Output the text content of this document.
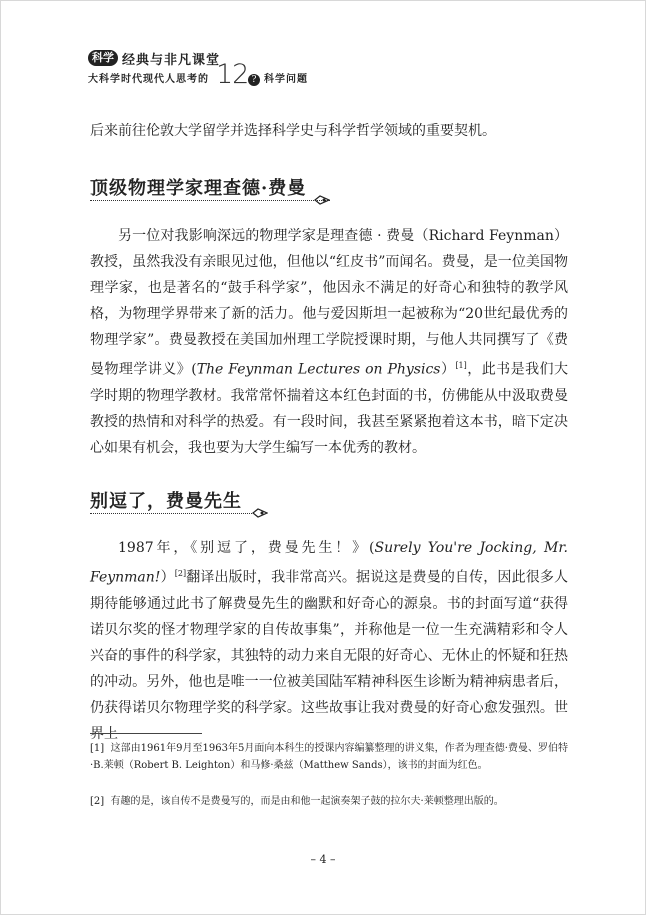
科学 经典与非凡课堂
大科学时代现代人思考的 12 ? 科学问题
后来前往伦敦大学留学并选择科学史与科学哲学领域的重要契机。
顶级物理学家理查德·费曼
另一位对我影响深远的物理学家是理查德 · 费曼（Richard Feynman）教授，虽然我没有亲眼见过他，但他以“红皮书”而闻名。费曼，是一位美国物理学家，也是著名的“鼓手科学家”，他因永不满足的好奇心和独特的教学风格，为物理学界带来了新的活力。他与爱因斯坦一起被称为“20世纪最优秀的物理学家”。费曼教授在美国加州理工学院授课时期，与他人共同撰写了《费曼物理学讲义》(The Feynman Lectures on Physics）[1]，此书是我们大学时期的物理学教材。我常常怀揣着这本红色封面的书，仿佛能从中汲取费曼教授的热情和对科学的热爱。有一段时间，我甚至紧紧抱着这本书，暗下定决心如果有机会，我也要为大学生编写一本优秀的教材。
别逗了，费曼先生
1987年，《别逗了，费曼先生！》(Surely You're Jocking, Mr. Feynman!）[2]翻译出版时，我非常高兴。据说这是费曼的自传，因此很多人期待能够通过此书了解费曼先生的幽默和好奇心的源泉。书的封面写道“获得诺贝尔奖的怪才物理学家的自传故事集”，并称他是一位一生充满精彩和令人兴奋的事件的科学家，其独特的动力来自无限的好奇心、无休止的怀疑和狂热的冲动。另外，他也是唯一一位被美国陆军精神科医生诊断为精神病患者后，仍获得诺贝尔物理学奖的科学家。这些故事让我对费曼的好奇心愈发强烈。世界上
[1] 这部由1961年9月至1963年5月面向本科生的授课内容编纂整理的讲义集，作者为理查德·费曼、罗伯特·B.莱顿（Robert B. Leighton）和马修·桑兹（Matthew Sands），该书的封面为红色。
[2] 有趣的是，该自传不是费曼写的，而是由和他一起演奏架子鼓的拉尔夫·莱顿整理出版的。
– 4 –
